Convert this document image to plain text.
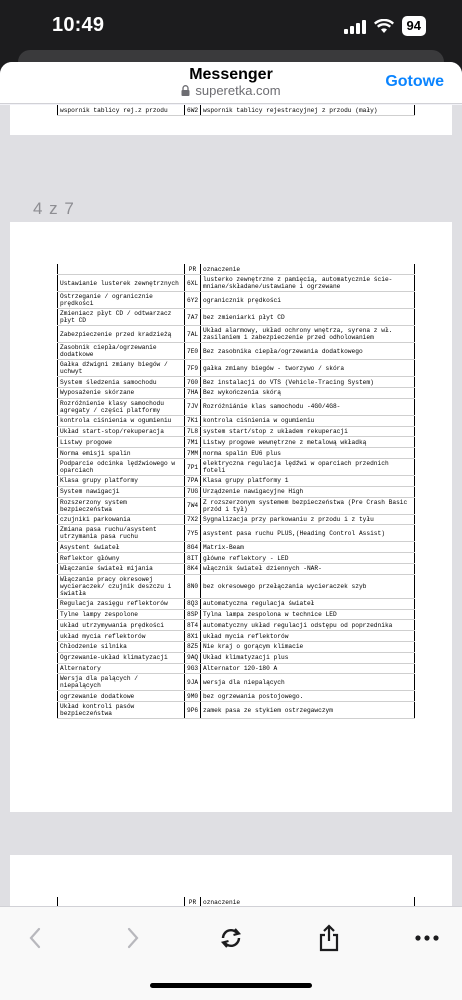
10:49	94
Messenger
superetka.com
Gotowe
wspornik tablicy rej.z przodu	6W2	wspornik tablicy rejestracyjnej z przodu (mały)
4 z 7
	PR	oznaczenie
Ustawianie lusterek zewnętrznych	6XL	lusterko zewnętrzne z pamięcią, automatycznie ście-mniane/składane/ustawiane i ogrzewane
Ostrzeganie / ogranicznie prędkości	6Y2	ogranicznik prędkości
Zmieniacz płyt CD / odtwarzacz płyt CD	7A7	bez zmieniarki płyt CD
Zabezpieczenie przed kradzieżą	7AL	Układ alarmowy, układ ochrony wnętrza, syrena z wł. zasilaniem i zabezpieczenie przed odholowaniem
Zasobnik ciepła/ogrzewanie dodatkowe	7E0	Bez zasobnika ciepła/ogrzewania dodatkowego
Gałka dźwigni zmiany biegów / uchwyt	7F9	gałka zmiany biegów - tworzywo / skóra
System śledzenia samochodu	7G0	Bez instalacji do VTS (Vehicle-Tracing System)
Wyposażenie skórzane	7HA	Bez wykończenia skórą
Rozróżnienie klasy samochodu agregaty / części platformy	7JV	Rozróżniánie klas samochodu -4G0/4G8-
kontrola ciśnienia w ogumieniu	7K1	kontrola ciśnienia w ogumieniu
Układ start-stop/rekuperacja	7L8	system start/stop z układem rekuperacji
Listwy progowe	7M1	Listwy progowe wewnętrzne z metalową wkładką
Norma emisji spalin	7MM	norma spalin EU6 plus
Podparcie odcinka lędźwiowego w oparciach	7P1	elektryczna regulacja lędźwi w oparciach przednich foteli
Klasa grupy platformy	7PA	Klasa grupy platformy 1
System nawigacji	7UG	Urządzenie nawigacyjne High
Rozszerzony system bezpieczeństwa	7W4	Z rozszerzonym systemem bezpieczeństwa (Pre Crash Basic przód i tył)
czujniki parkowania	7X2	Sygnalizacja przy parkowaniu z przodu i z tyłu
Zmiana pasa ruchu/asystent utrzymania pasa ruchu	7Y5	asystent pasa ruchu PLUS,(Heading Control Assist)
Asystent świateł	8G4	Matrix-Beam
Reflektor główny	8IT	główne reflektory - LED
Włączanie świateł mijania	8K4	włącznik świateł dziennych -NAR-
Włączanie pracy okresowej wycieraczek/ czujnik deszczu i światła	8N0	bez okresowego przełączania wycieraczek szyb
Regulacja zasięgu reflektorów	8Q3	automatyczna regulacja świateł
Tylne lampy zespolone	8SP	Tylna lampa zespolona w technice LED
układ utrzymywania prędkości	8T4	automatyczny układ regulacji odstępu od poprzednika
układ mycia reflektorów	8X1	układ mycia reflektorów
Chłodzenie silnika	8Z5	Nie kraj o gorącym klimacie
Ogrzewanie-układ klimatyzacji	9AQ	Układ klimatyzacji plus
Alternatory	9G3	Alternator 120-180 A
Wersja dla palących / niepalących	9JA	wersja dla niepalących
ogrzewanie dodatkowe	9M0	bez ogrzewania postojowego.
Układ kontroli pasów bezpieczeństwa	9P6	zamek pasa ze stykiem ostrzegawczym
	PR	oznaczenie
